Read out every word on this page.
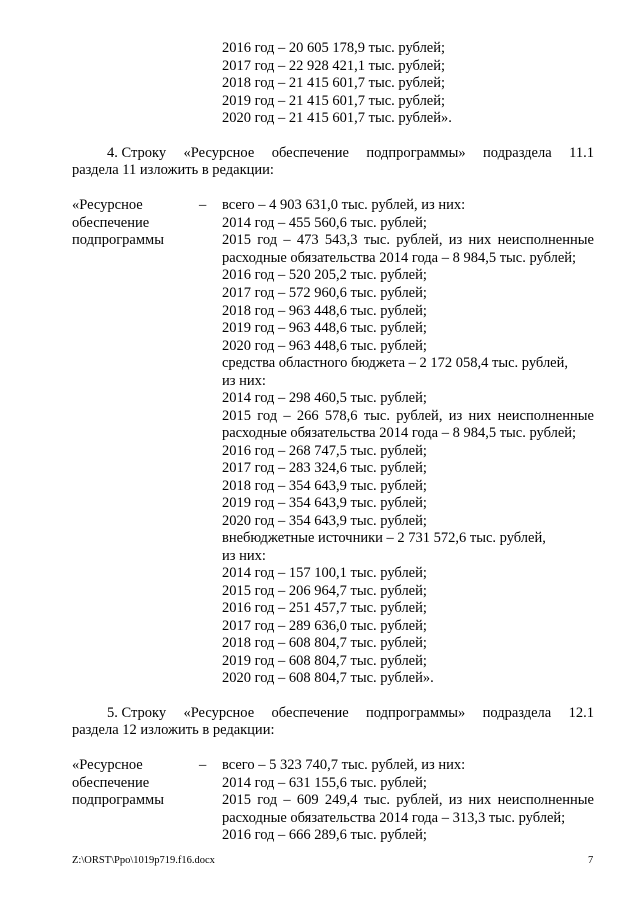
2016 год – 20 605 178,9 тыс. рублей;
2017 год – 22 928 421,1 тыс. рублей;
2018 год – 21 415 601,7 тыс. рублей;
2019 год – 21 415 601,7 тыс. рублей;
2020 год – 21 415 601,7 тыс. рублей».
4. Строку «Ресурсное обеспечение подпрограммы» подраздела 11.1
раздела 11 изложить в редакции:
«Ресурсное
обеспечение
подпрограммы
– всего – 4 903 631,0 тыс. рублей, из них:
2014 год – 455 560,6 тыс. рублей;
2015 год – 473 543,3 тыс. рублей, из них неисполненные
расходные обязательства 2014 года – 8 984,5 тыс. рублей;
2016 год – 520 205,2 тыс. рублей;
2017 год – 572 960,6 тыс. рублей;
2018 год – 963 448,6 тыс. рублей;
2019 год – 963 448,6 тыс. рублей;
2020 год – 963 448,6 тыс. рублей;
средства областного бюджета – 2 172 058,4 тыс. рублей,
из них:
2014 год – 298 460,5 тыс. рублей;
2015 год – 266 578,6 тыс. рублей, из них неисполненные
расходные обязательства 2014 года – 8 984,5 тыс. рублей;
2016 год – 268 747,5 тыс. рублей;
2017 год – 283 324,6 тыс. рублей;
2018 год – 354 643,9 тыс. рублей;
2019 год – 354 643,9 тыс. рублей;
2020 год – 354 643,9 тыс. рублей;
внебюджетные источники – 2 731 572,6 тыс. рублей,
из них:
2014 год – 157 100,1 тыс. рублей;
2015 год – 206 964,7 тыс. рублей;
2016 год – 251 457,7 тыс. рублей;
2017 год – 289 636,0 тыс. рублей;
2018 год – 608 804,7 тыс. рублей;
2019 год – 608 804,7 тыс. рублей;
2020 год – 608 804,7 тыс. рублей».
5. Строку «Ресурсное обеспечение подпрограммы» подраздела 12.1
раздела 12 изложить в редакции:
«Ресурсное
обеспечение
подпрограммы
– всего – 5 323 740,7 тыс. рублей, из них:
2014 год – 631 155,6 тыс. рублей;
2015 год – 609 249,4 тыс. рублей, из них неисполненные
расходные обязательства 2014 года – 313,3 тыс. рублей;
2016 год – 666 289,6 тыс. рублей;
Z:\ORST\Ppo\1019p719.f16.docx	7
